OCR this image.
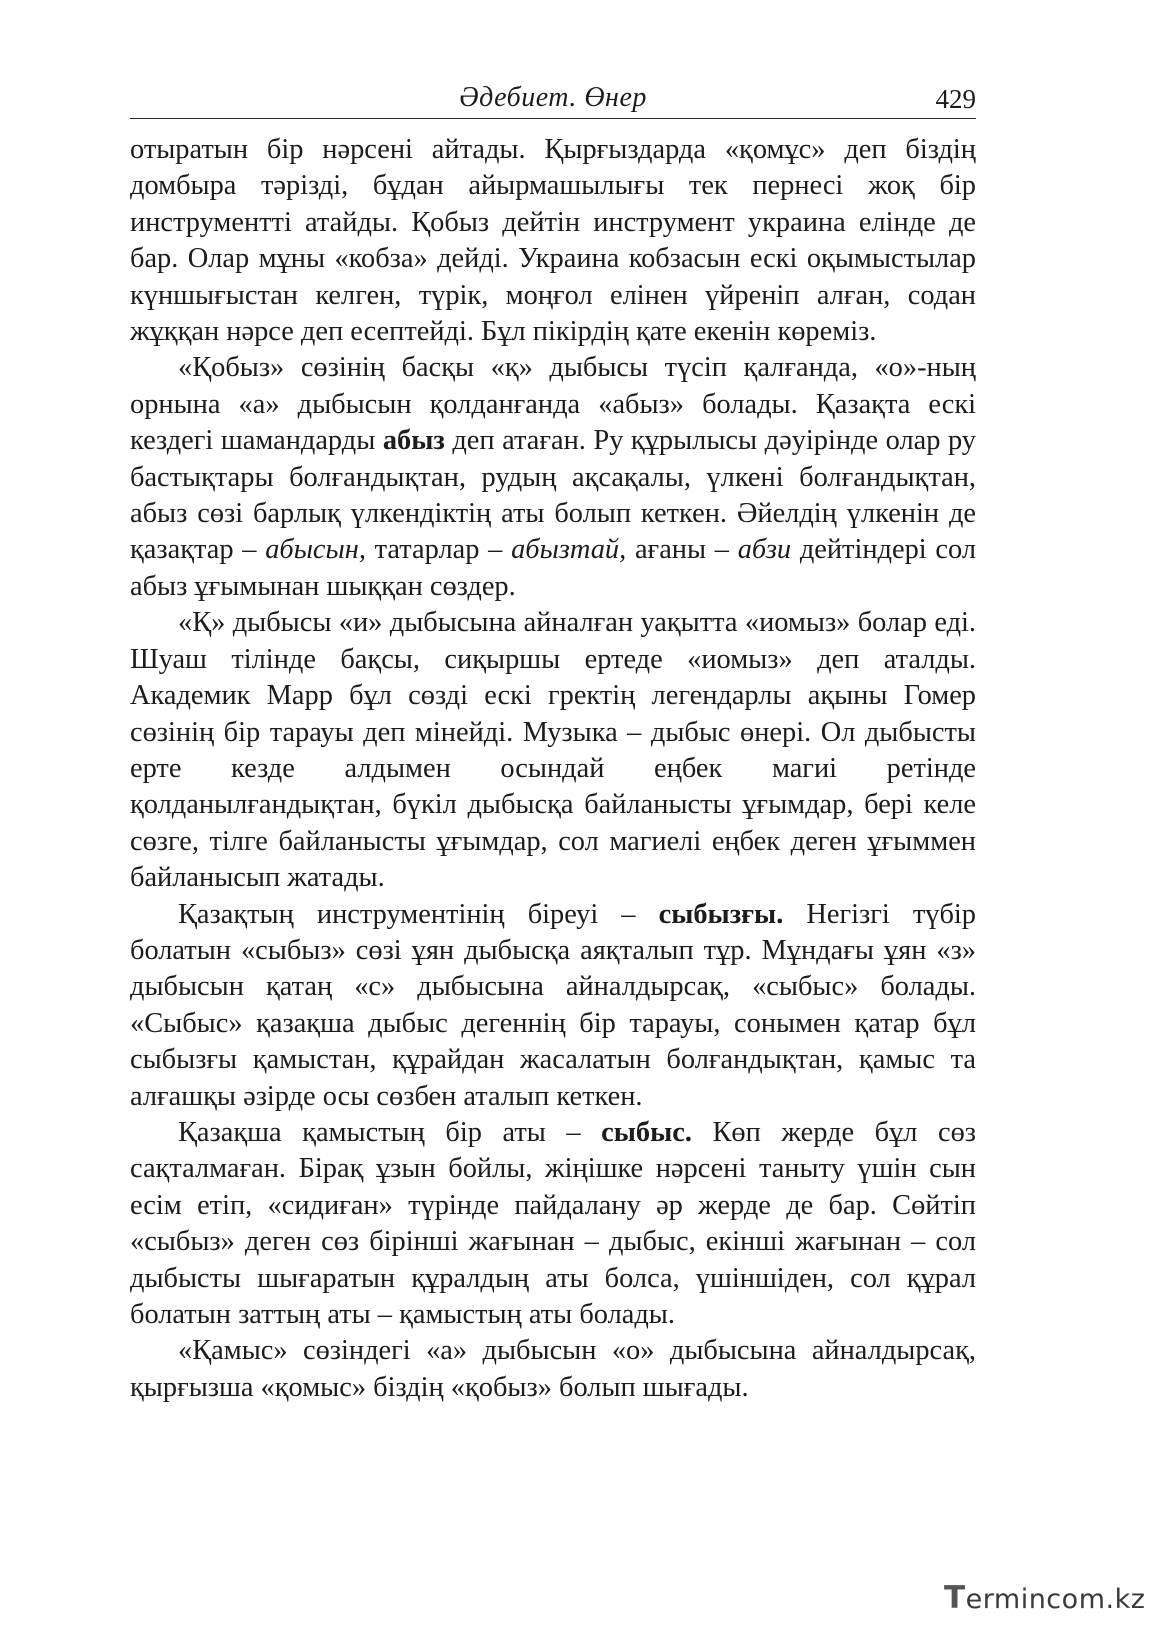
Әдебиет. Өнер	429

отыратын бір нәрсені айтады. Қырғыздарда «қомұс» деп біздің домбыра тәрізді, бұдан айырмашылығы тек пернесі жоқ бір инструментті атайды. Қобыз дейтін инструмент украина елінде де бар. Олар мұны «кобза» дейді. Украина кобзасын ескі оқымыстылар күншығыстан келген, түрік, моңғол елінен үйреніп алған, содан жұққан нәрсе деп есептейді. Бұл пікірдің қате екенін көреміз.

«Қобыз» сөзінің басқы «қ» дыбысы түсіп қалғанда, «о»-ның орнына «а» дыбысын қолданғанда «абыз» болады. Қазақта ескі кездегі шамандарды абыз деп атаған. Ру құрылысы дәуірінде олар ру бастықтары болғандықтан, рудың ақсақалы, үлкені болғандықтан, абыз сөзі барлық үлкендіктің аты болып кеткен. Әйелдің үлкенін де қазақтар – абысын, татарлар – абызтай, ағаны – абзи дейтіндері сол абыз ұғымынан шыққан сөздер.

«Қ» дыбысы «и» дыбысына айналған уақытта «иомыз» болар еді. Шуаш тілінде бақсы, сиқыршы ертеде «иомыз» деп аталды. Академик Марр бұл сөзді ескі гректің легендарлы ақыны Гомер сөзінің бір тарауы деп мінейді. Музыка – дыбыс өнері. Ол дыбысты ерте кезде алдымен осындай еңбек магиі ретінде қолданылғандықтан, бүкіл дыбысқа байланысты ұғымдар, бері келе сөзге, тілге байланысты ұғымдар, сол магиелі еңбек деген ұғыммен байланысып жатады.

Қазақтың инструментінің біреуі – сыбызғы. Негізгі түбір болатын «сыбыз» сөзі ұян дыбысқа аяқталып тұр. Мұндағы ұян «з» дыбысын қатаң «с» дыбысына айналдырсақ, «сыбыс» болады. «Сыбыс» қазақша дыбыс дегеннің бір тарауы, сонымен қатар бұл сыбызғы қамыстан, құрайдан жасалатын болғандықтан, қамыс та алғашқы әзірде осы сөзбен аталып кеткен.

Қазақша қамыстың бір аты – сыбыс. Көп жерде бұл сөз сақталмаған. Бірақ ұзын бойлы, жіңішке нәрсені таныту үшін сын есім етіп, «сидиған» түрінде пайдалану әр жерде де бар. Сөйтіп «сыбыз» деген сөз бірінші жағынан – дыбыс, екінші жағынан – сол дыбысты шығаратын құралдың аты болса, үшіншіден, сол құрал болатын заттың аты – қамыстың аты болады.

«Қамыс» сөзіндегі «а» дыбысын «о» дыбысына айналдырсақ, қырғызша «қомыс» біздің «қобыз» болып шығады.

Termincom.kz
